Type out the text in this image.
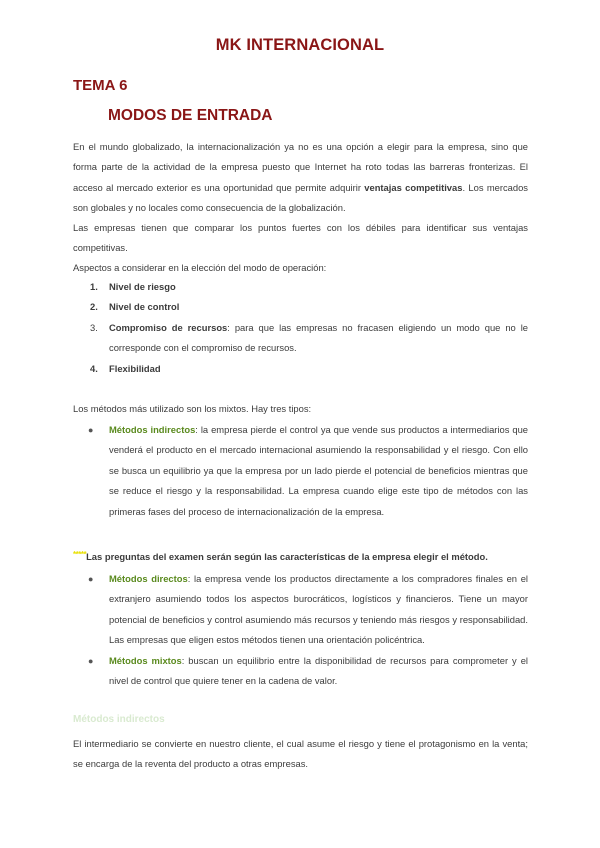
MK INTERNACIONAL
TEMA 6
MODOS DE ENTRADA

En el mundo globalizado, la internacionalización ya no es una opción a elegir para la empresa, sino que forma parte de la actividad de la empresa puesto que Internet ha roto todas las barreras fronterizas. El acceso al mercado exterior es una oportunidad que permite adquirir ventajas competitivas. Los mercados son globales y no locales como consecuencia de la globalización.

Las empresas tienen que comparar los puntos fuertes con los débiles para identificar sus ventajas competitivas.

Aspectos a considerar en la elección del modo de operación:

1. Nivel de riesgo
2. Nivel de control
3. Compromiso de recursos: para que las empresas no fracasen eligiendo un modo que no le corresponde con el compromiso de recursos.
4. Flexibilidad

Los métodos más utilizado son los mixtos. Hay tres tipos:

● Métodos indirectos: la empresa pierde el control ya que vende sus productos a intermediarios que venderá el producto en el mercado internacional asumiendo la responsabilidad y el riesgo. Con ello se busca un equilibrio ya que la empresa por un lado pierde el potencial de beneficios mientras que se reduce el riesgo y la responsabilidad. La empresa cuando elige este tipo de métodos con las primeras fases del proceso de internacionalización de la empresa.

*****Las preguntas del examen serán según las características de la empresa elegir el método.

● Métodos directos: la empresa vende los productos directamente a los compradores finales en el extranjero asumiendo todos los aspectos burocráticos, logísticos y financieros. Tiene un mayor potencial de beneficios y control asumiendo más recursos y teniendo más riesgos y responsabilidad. Las empresas que eligen estos métodos tienen una orientación policéntrica.
● Métodos mixtos: buscan un equilibrio entre la disponibilidad de recursos para comprometer y el nivel de control que quiere tener en la cadena de valor.
Métodos indirectos

El intermediario se convierte en nuestro cliente, el cual asume el riesgo y tiene el protagonismo en la venta; se encarga de la reventa del producto a otras empresas.
